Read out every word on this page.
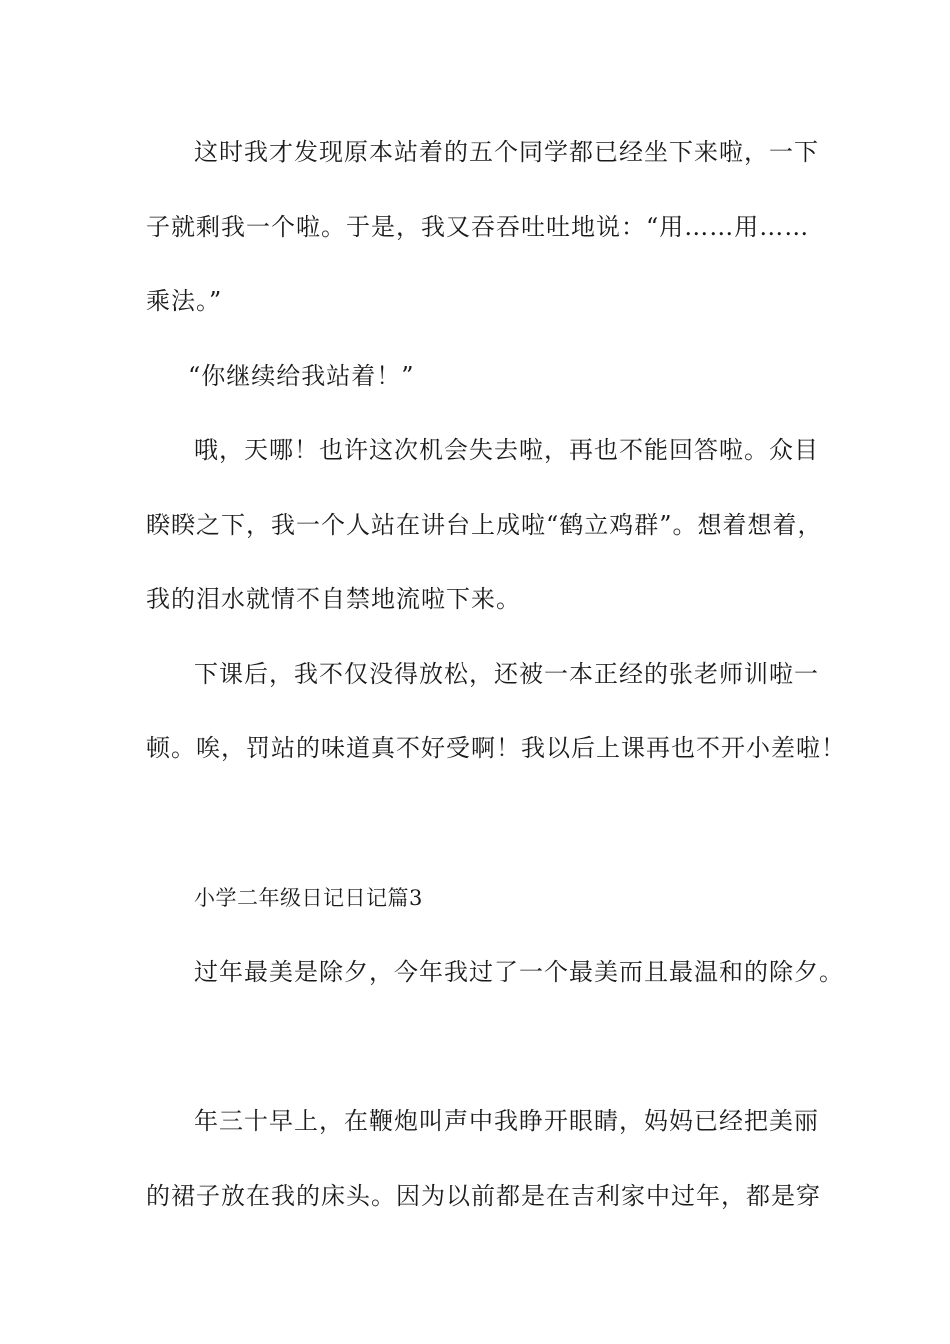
这时我才发现原本站着的五个同学都已经坐下来啦，一下
子就剩我一个啦。于是，我又吞吞吐吐地说：“用……用……
乘法。”
“你继续给我站着！”
哦，天哪！也许这次机会失去啦，再也不能回答啦。众目
睽睽之下，我一个人站在讲台上成啦“鹤立鸡群”。想着想着，
我的泪水就情不自禁地流啦下来。
下课后，我不仅没得放松，还被一本正经的张老师训啦一
顿。唉，罚站的味道真不好受啊！我以后上课再也不开小差啦！
小学二年级日记日记篇3
过年最美是除夕，今年我过了一个最美而且最温和的除夕。
年三十早上，在鞭炮叫声中我睁开眼睛，妈妈已经把美丽
的裙子放在我的床头。因为以前都是在吉利家中过年，都是穿
